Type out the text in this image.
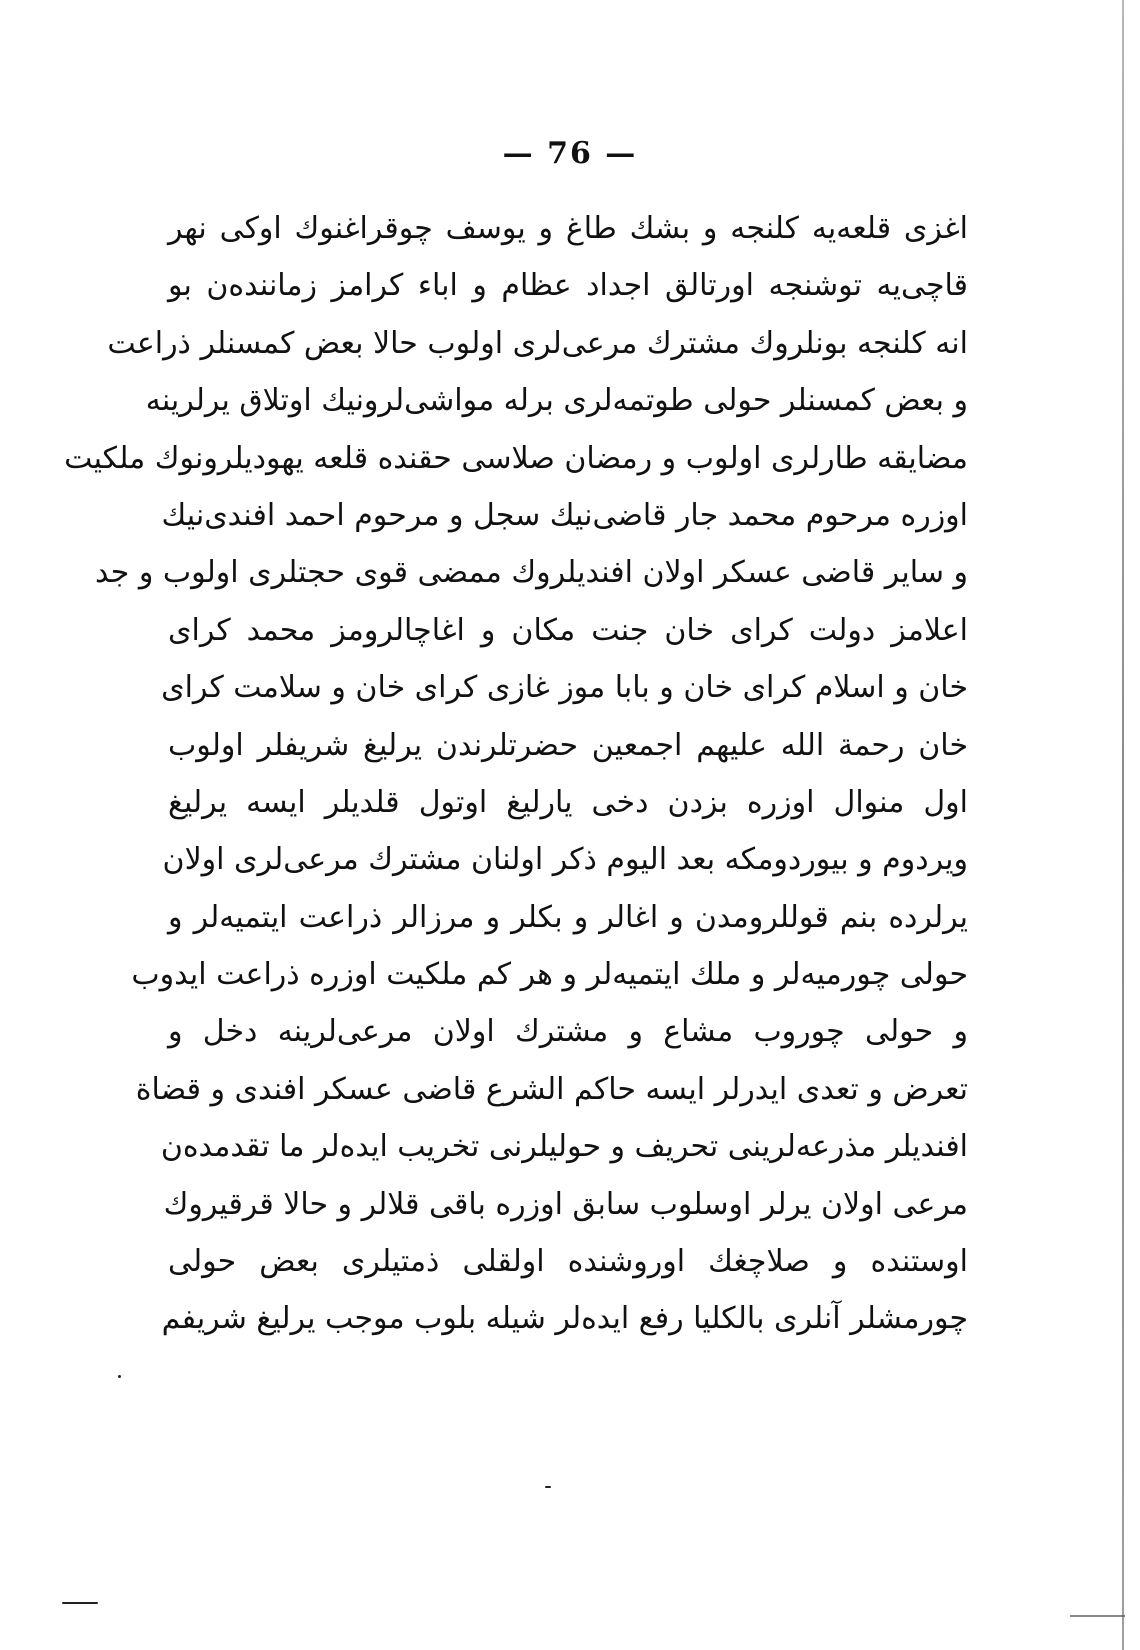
— 76 —
اغزی قلعه‌یه کلنجه و بشك طاغ و یوسف چوقراغنوك اوکی نهر
قاچی‌یه توشنجه اورتالق اجداد عظام و اباء کرامز زماننده‌ن بو
انه کلنجه بونلروك مشترك مرعی‌لری اولوب حالا بعض کمسنلر ذراعت
و بعض کمسنلر حولی طوتمه‌لری برله مواشی‌لرونیك اوتلاق یرلرینه
مضایقه طارلری اولوب و رمضان صلاسی حقنده قلعه یهودیلرونوك ملکیت
اوزره مرحوم محمد جار قاضی‌نیك سجل و مرحوم احمد افندی‌نیك
و سایر قاضی عسکر اولان افندیلروك ممضی قوی حجتلری اولوب و جد
اعلامز دولت کرای خان جنت مکان و اغاچالرومز محمد کرای
خان و اسلام کرای خان و بابا موز غازی کرای خان و سلامت کرای
خان رحمة الله علیهم اجمعین حضرتلرندن یرلیغ شریفلر اولوب
اول منوال اوزره بزدن دخی یارلیغ اوتول قلدیلر ایسه یرلیغ
ویردوم و بیوردومکه بعد الیوم ذکر اولنان مشترك مرعی‌لری اولان
یرلرده بنم قوللرومدن و اغالر و بکلر و مرزالر ذراعت ایتمیه‌لر و
حولی چورمیه‌لر و ملك ایتمیه‌لر و هر کم ملکیت اوزره ذراعت ایدوب
و حولی چوروب مشاع و مشترك اولان مرعی‌لرینه دخل و
تعرض و تعدی ایدرلر ایسه حاکم الشرع قاضی عسکر افندی و قضاة
افندیلر مذرعه‌لرینی تحریف و حولیلرنی تخریب ایده‌لر ما تقدمده‌ن
مرعی اولان یرلر اوسلوب سابق اوزره باقی قلالر و حالا قرقیروك
اوستنده و صلاچغك اوروشنده اولقلی ذمتیلری بعض حولی
چورمشلر آنلری بالکلیا رفع ایده‌لر شیله بلوب موجب یرلیغ شریفم
